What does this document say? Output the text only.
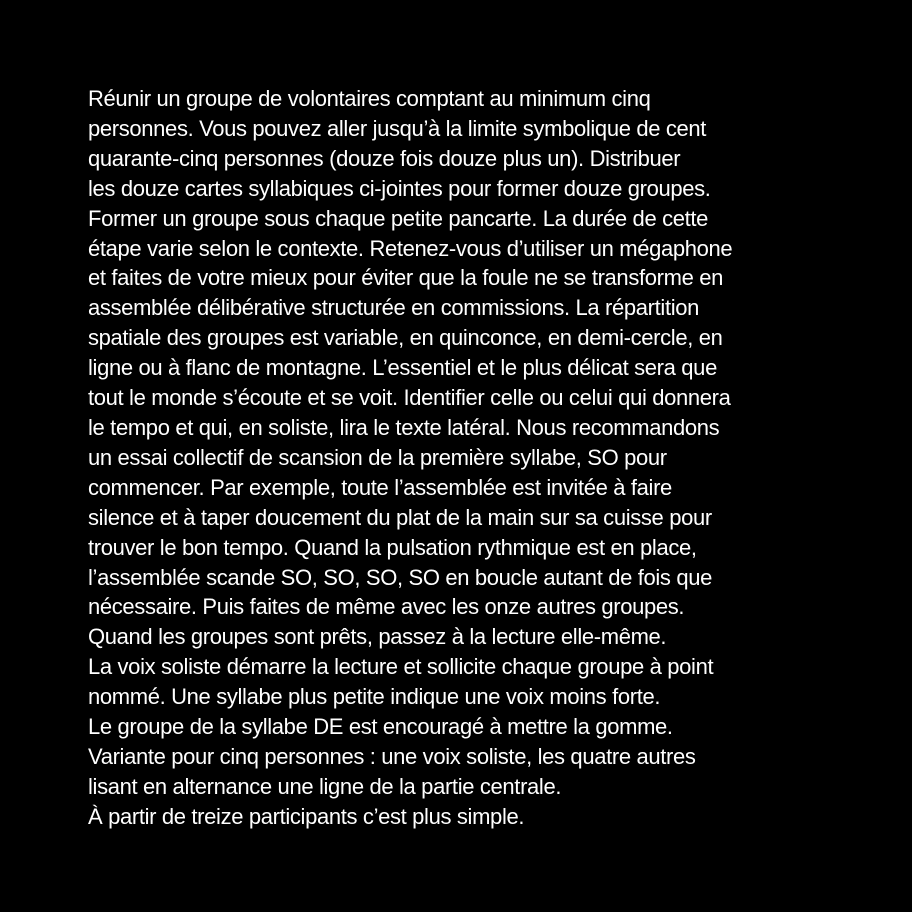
Réunir un groupe de volontaires comptant au minimum cinq
personnes. Vous pouvez aller jusqu’à la limite symbolique de cent
quarante-cinq personnes (douze fois douze plus un). Distribuer
les douze cartes syllabiques ci-jointes pour former douze groupes.
Former un groupe sous chaque petite pancarte. La durée de cette
étape varie selon le contexte. Retenez-vous d’utiliser un mégaphone
et faites de votre mieux pour éviter que la foule ne se transforme en
assemblée délibérative structurée en commissions. La répartition
spatiale des groupes est variable, en quinconce, en demi-cercle, en
ligne ou à flanc de montagne. L’essentiel et le plus délicat sera que
tout le monde s’écoute et se voit. Identifier celle ou celui qui donnera
le tempo et qui, en soliste, lira le texte latéral. Nous recommandons
un essai collectif de scansion de la première syllabe, SO pour
commencer. Par exemple, toute l’assemblée est invitée à faire
silence et à taper doucement du plat de la main sur sa cuisse pour
trouver le bon tempo. Quand la pulsation rythmique est en place,
l’assemblée scande SO, SO, SO, SO en boucle autant de fois que
nécessaire. Puis faites de même avec les onze autres groupes.
Quand les groupes sont prêts, passez à la lecture elle-même.
La voix soliste démarre la lecture et sollicite chaque groupe à point
nommé. Une syllabe plus petite indique une voix moins forte.
Le groupe de la syllabe DE est encouragé à mettre la gomme.
Variante pour cinq personnes : une voix soliste, les quatre autres
lisant en alternance une ligne de la partie centrale.
À partir de treize participants c’est plus simple.
